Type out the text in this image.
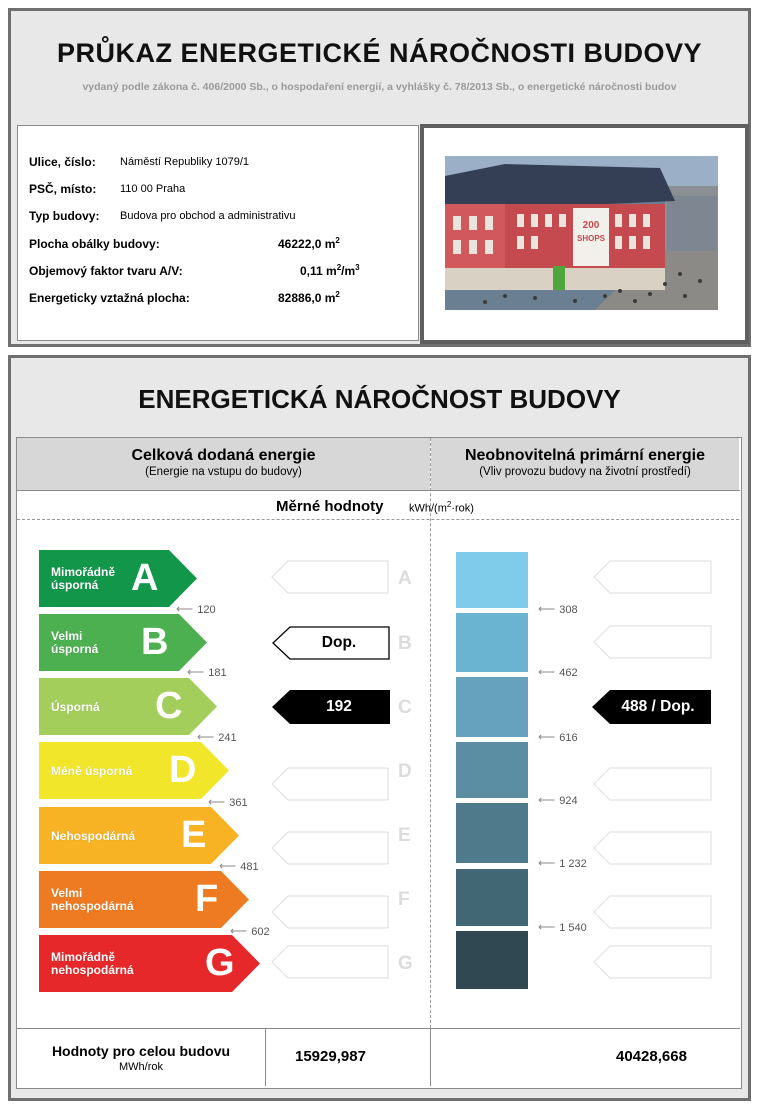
PRŮKAZ ENERGETICKÉ NÁROČNOSTI BUDOVY
vydaný podle zákona č. 406/2000 Sb., o hospodaření energií, a vyhlášky č. 78/2013 Sb., o energetické náročnosti budov
Ulice, číslo: Náměstí Republiky 1079/1
PSČ, místo: 110 00 Praha
Typ budovy: Budova pro obchod a administrativu
Plocha obálky budovy:	46222,0 $m^2$
Objemový faktor tvaru A/V:	0,11 $m^2/m^3$
Energeticky vztažná plocha:	82886,0 $m^2$
200
SHOPS
ENERGETICKÁ NÁROČNOST BUDOVY
Celková dodaná energie
(Energie na vstupu do budovy)
Neobnovitelná primární energie
(Vliv provozu budovy na životní prostředí)
Měrné hodnoty kWh/$(m^2\cdot rok)$
Mimořádně
úsporná A
Velmi
úsporná B
Úsporná C
Méně úsporná D
Nehospodárná E
Velmi
nehospodárná F
Mimořádně
nehospodárná G
⟵ 120
⟵ 181
⟵ 241
⟵ 361
⟵ 481
⟵ 602
A
B
C
D
E
F
G
Dop.
192
⟵ 308
⟵ 462
⟵ 616
⟵ 924
⟵ 1 232
⟵ 1 540
488 / Dop.
Hodnoty pro celou budovu
MWh/rok
15929,987	40428,668
